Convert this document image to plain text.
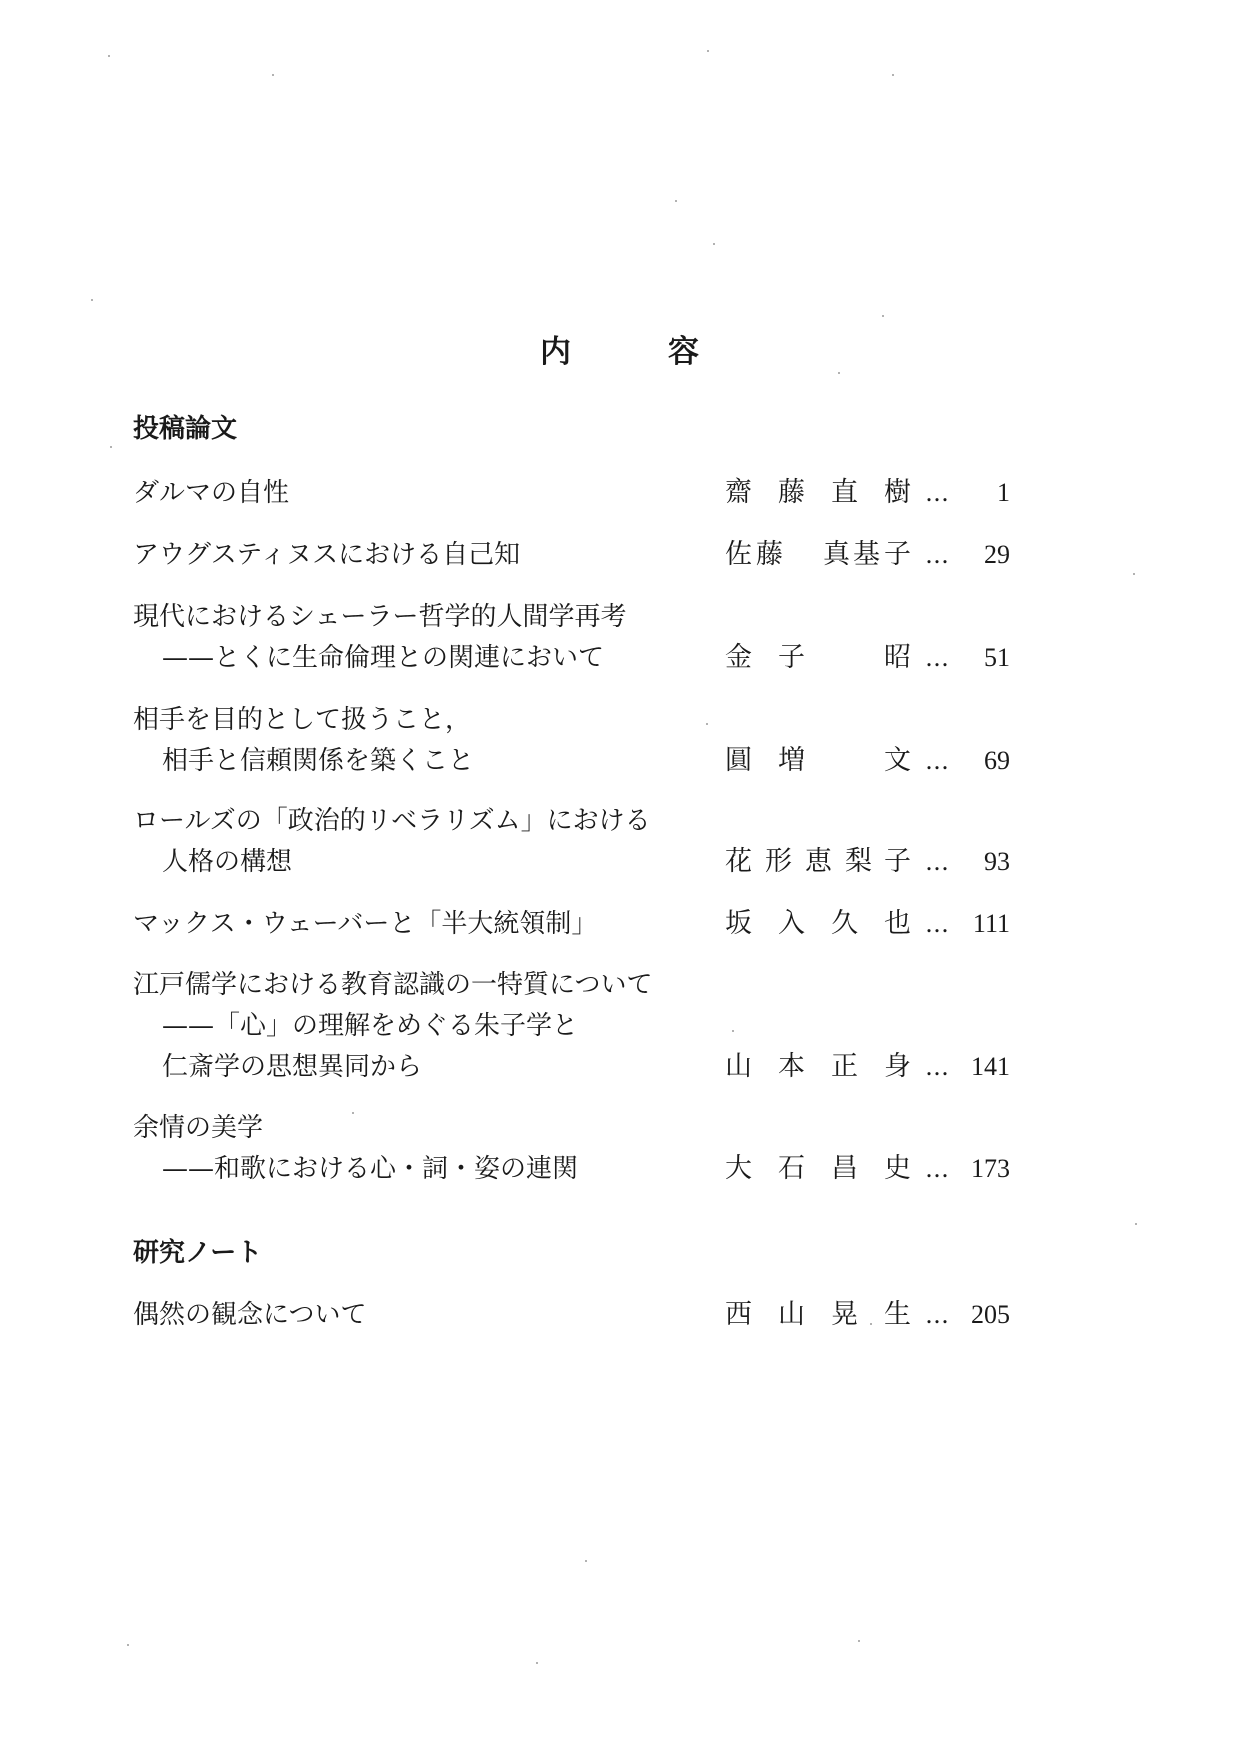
内	容
投稿論文
ダルマの自性	齋 藤 直 樹 …	1
アウグスティヌスにおける自己知	佐 藤 真 基 子 …	29
現代におけるシェーラー哲学的人間学再考
——とくに生命倫理との関連において	金 子	昭 …	51
相手を目的として扱うこと，
相手と信頼関係を築くこと	圓 増	文 …	69
ロールズの「政治的リベラリズム」における
人格の構想	花 形 恵 梨 子 …	93
マックス・ウェーバーと「半大統領制」	坂 入 久 也 … 111
江戸儒学における教育認識の一特質について
——「心」の理解をめぐる朱子学と
仁斎学の思想異同から	山 本 正 身 … 141
余情の美学
——和歌における心・詞・姿の連関	大 石 昌 史 … 173
研究ノート
偶然の観念について	西 山 晃 生 … 205
